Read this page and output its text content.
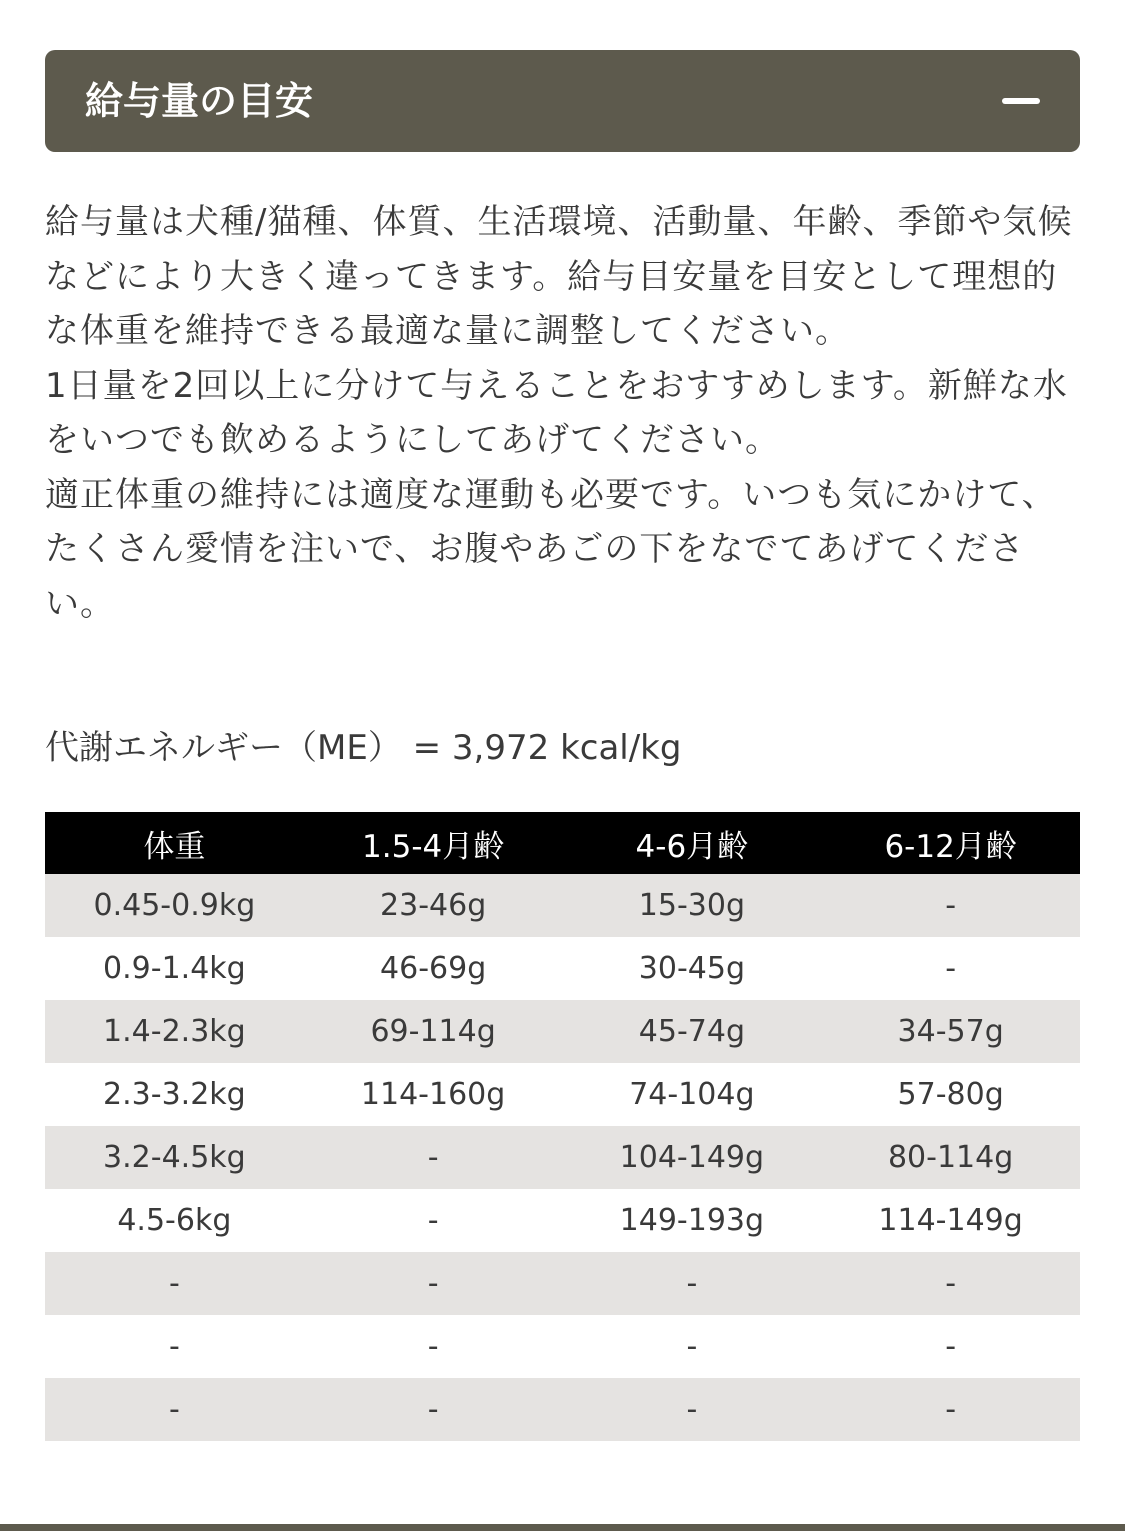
給与量の目安

給与量は犬種/猫種、体質、生活環境、活動量、年齢、季節や気候などにより大きく違ってきます。給与目安量を目安として理想的な体重を維持できる最適な量に調整してください。

1日量を2回以上に分けて与えることをおすすめします。新鮮な水をいつでも飲めるようにしてあげてください。

適正体重の維持には適度な運動も必要です。いつも気にかけて、たくさん愛情を注いで、お腹やあごの下をなでてあげてください。

代謝エネルギー（ME） = 3,972 kcal/kg
体重	1.5-4月齢	4-6月齢	6-12月齢
0.45-0.9kg	23-46g	15-30g	-
0.9-1.4kg	46-69g	30-45g	-
1.4-2.3kg	69-114g	45-74g	34-57g
2.3-3.2kg	114-160g	74-104g	57-80g
3.2-4.5kg	-	104-149g	80-114g
4.5-6kg	-	149-193g	114-149g
-	-	-	-
-	-	-	-
-	-	-	-
